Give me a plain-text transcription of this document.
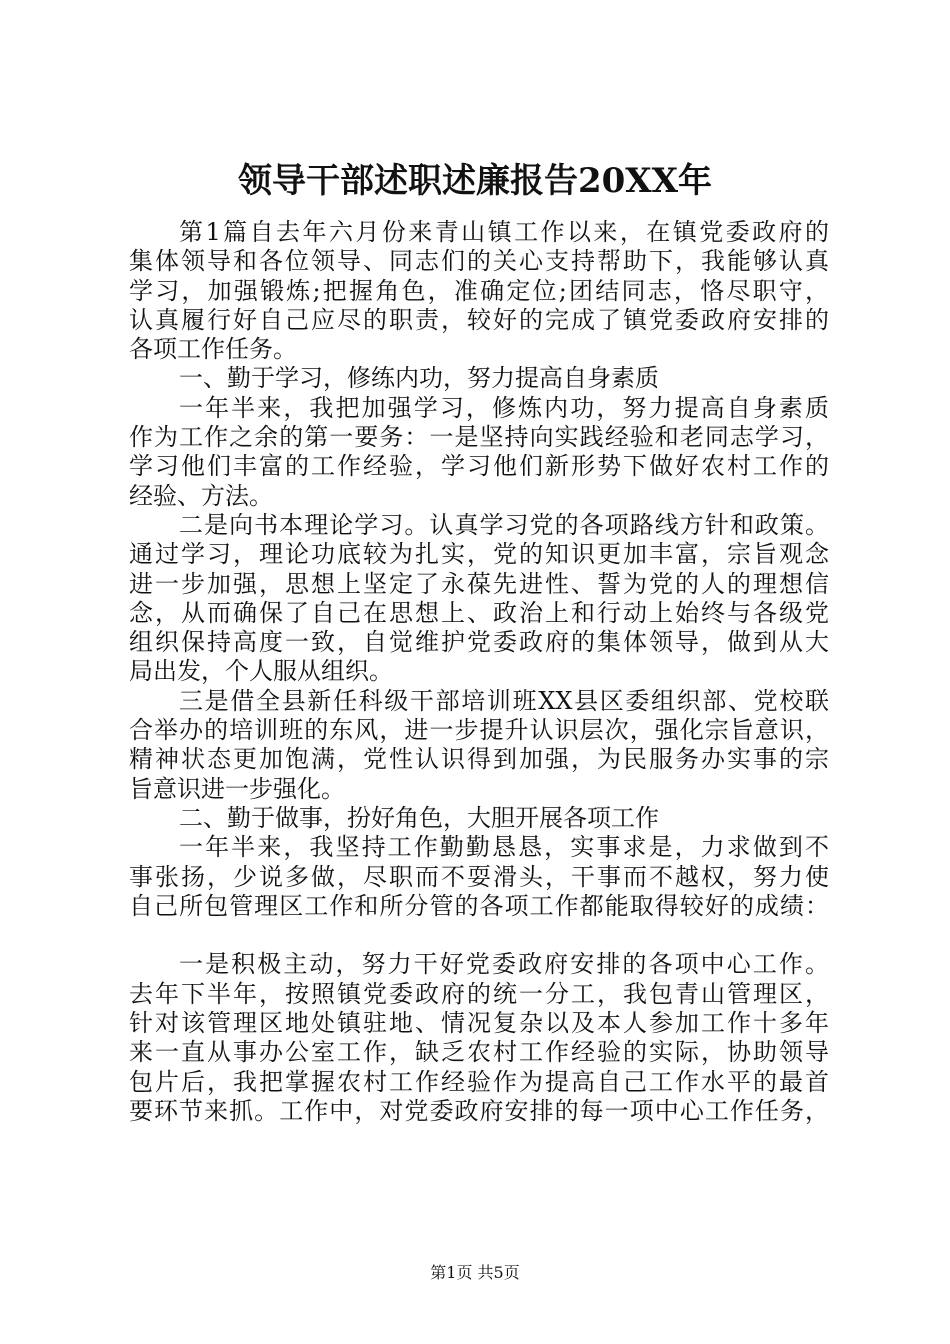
领导干部述职述廉报告20XX年
第1篇自去年六月份来青山镇工作以来，在镇党委政府的
集体领导和各位领导、同志们的关心支持帮助下，我能够认真
学习，加强锻炼;把握角色，准确定位;团结同志，恪尽职守，
认真履行好自己应尽的职责，较好的完成了镇党委政府安排的
各项工作任务。
一、勤于学习，修练内功，努力提高自身素质
一年半来，我把加强学习，修炼内功，努力提高自身素质
作为工作之余的第一要务：一是坚持向实践经验和老同志学习，
学习他们丰富的工作经验，学习他们新形势下做好农村工作的
经验、方法。
二是向书本理论学习。认真学习党的各项路线方针和政策。
通过学习，理论功底较为扎实，党的知识更加丰富，宗旨观念
进一步加强，思想上坚定了永葆先进性、誓为党的人的理想信
念，从而确保了自己在思想上、政治上和行动上始终与各级党
组织保持高度一致，自觉维护党委政府的集体领导，做到从大
局出发，个人服从组织。
三是借全县新任科级干部培训班XX县区委组织部、党校联
合举办的培训班的东风，进一步提升认识层次，强化宗旨意识，
精神状态更加饱满，党性认识得到加强，为民服务办实事的宗
旨意识进一步强化。
二、勤于做事，扮好角色，大胆开展各项工作
一年半来，我坚持工作勤勤恳恳，实事求是，力求做到不
事张扬，少说多做，尽职而不耍滑头，干事而不越权，努力使
自己所包管理区工作和所分管的各项工作都能取得较好的成绩：
一是积极主动，努力干好党委政府安排的各项中心工作。
去年下半年，按照镇党委政府的统一分工，我包青山管理区，
针对该管理区地处镇驻地、情况复杂以及本人参加工作十多年
来一直从事办公室工作，缺乏农村工作经验的实际，协助领导
包片后，我把掌握农村工作经验作为提高自己工作水平的最首
要环节来抓。工作中，对党委政府安排的每一项中心工作任务，
第1页 共5页
